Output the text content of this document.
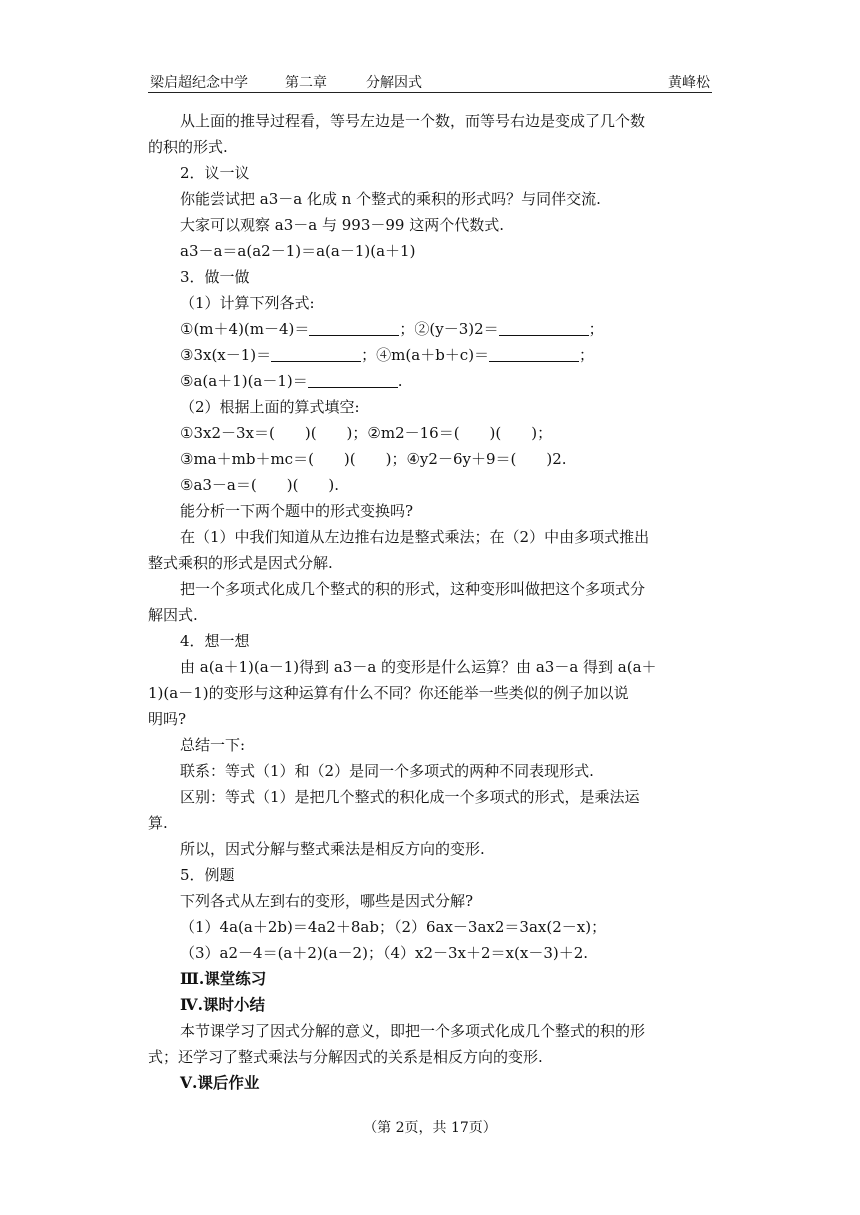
梁启超纪念中学	第二章	分解因式	黄峰松
从上面的推导过程看，等号左边是一个数，而等号右边是变成了几个数
的积的形式.
2．议一议
你能尝试把 a3－a 化成 n 个整式的乘积的形式吗？与同伴交流.
大家可以观察 a3－a 与 993－99 这两个代数式.
a3－a＝a(a2－1)＝a(a－1)(a＋1)
3．做一做
（1）计算下列各式:
①(m＋4)(m－4)＝	；②(y－3)2＝	；
③3x(x－1)＝	；④m(a＋b＋c)＝	；
⑤a(a＋1)(a－1)＝	.
（2）根据上面的算式填空:
①3x2－3x＝(　　)(　　)；②m2－16＝(　　)(　　)；
③ma＋mb＋mc＝(　　)(　　)；④y2－6y＋9＝(　　)2.
⑤a3－a＝(　　)(　　).
能分析一下两个题中的形式变换吗?
在（1）中我们知道从左边推右边是整式乘法；在（2）中由多项式推出
整式乘积的形式是因式分解.
把一个多项式化成几个整式的积的形式，这种变形叫做把这个多项式分
解因式.
4．想一想
由 a(a＋1)(a－1)得到 a3－a 的变形是什么运算？由 a3－a 得到 a(a＋
1)(a－1)的变形与这种运算有什么不同？你还能举一些类似的例子加以说
明吗?
总结一下:
联系：等式（1）和（2）是同一个多项式的两种不同表现形式.
区别：等式（1）是把几个整式的积化成一个多项式的形式，是乘法运
算.
所以，因式分解与整式乘法是相反方向的变形.
5．例题
下列各式从左到右的变形，哪些是因式分解?
（1）4a(a＋2b)＝4a2＋8ab；（2）6ax－3ax2＝3ax(2－x)；
（3）a2－4＝(a＋2)(a－2)；（4）x2－3x＋2＝x(x－3)＋2.
Ⅲ.课堂练习
Ⅳ.课时小结
本节课学习了因式分解的意义，即把一个多项式化成几个整式的积的形
式；还学习了整式乘法与分解因式的关系是相反方向的变形.
Ⅴ.课后作业
（第 2页，共 17页）
